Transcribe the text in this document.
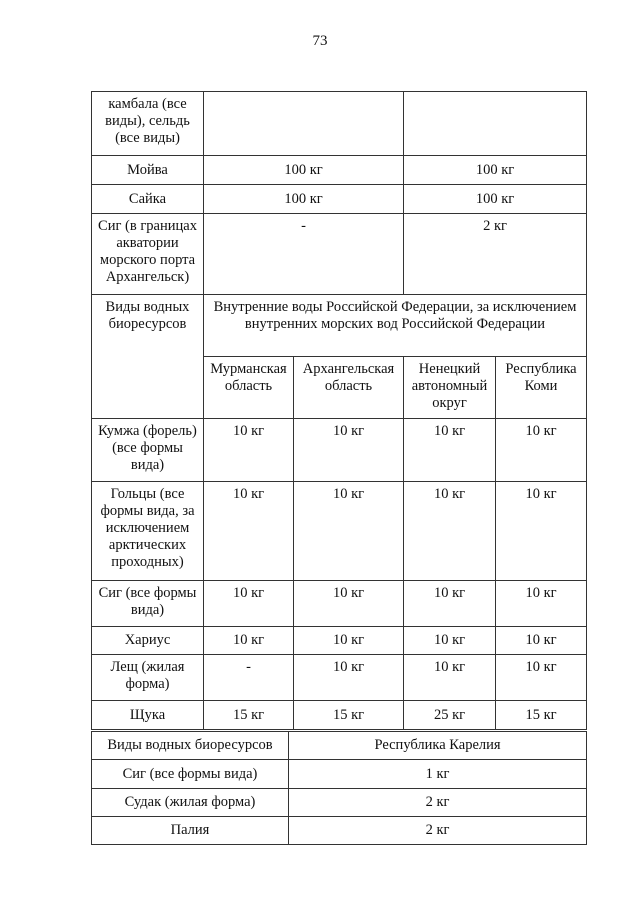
73
камбала (все виды), сельдь (все виды)				
Мойва	100 кг		100 кг	
Сайка	100 кг		100 кг	
Сиг (в границах акватории морского порта Архангельск)	-		2 кг	
Виды водных биоресурсов	Внутренние воды Российской Федерации, за исключением внутренних морских вод Российской Федерации			
	Мурманская область	Архангельская область	Ненецкий автономный округ	Республика Коми
Кумжа (форель) (все формы вида)	10 кг	10 кг	10 кг	10 кг
Гольцы (все формы вида, за исключением арктических проходных)	10 кг	10 кг	10 кг	10 кг
Сиг (все формы вида)	10 кг	10 кг	10 кг	10 кг
Хариус	10 кг	10 кг	10 кг	10 кг
Лещ (жилая форма)	-	10 кг	10 кг	10 кг
Щука	15 кг	15 кг	25 кг	15 кг
Виды водных биоресурсов	Республика Карелия
Сиг (все формы вида)	1 кг
Судак (жилая форма)	2 кг
Палия	2 кг
